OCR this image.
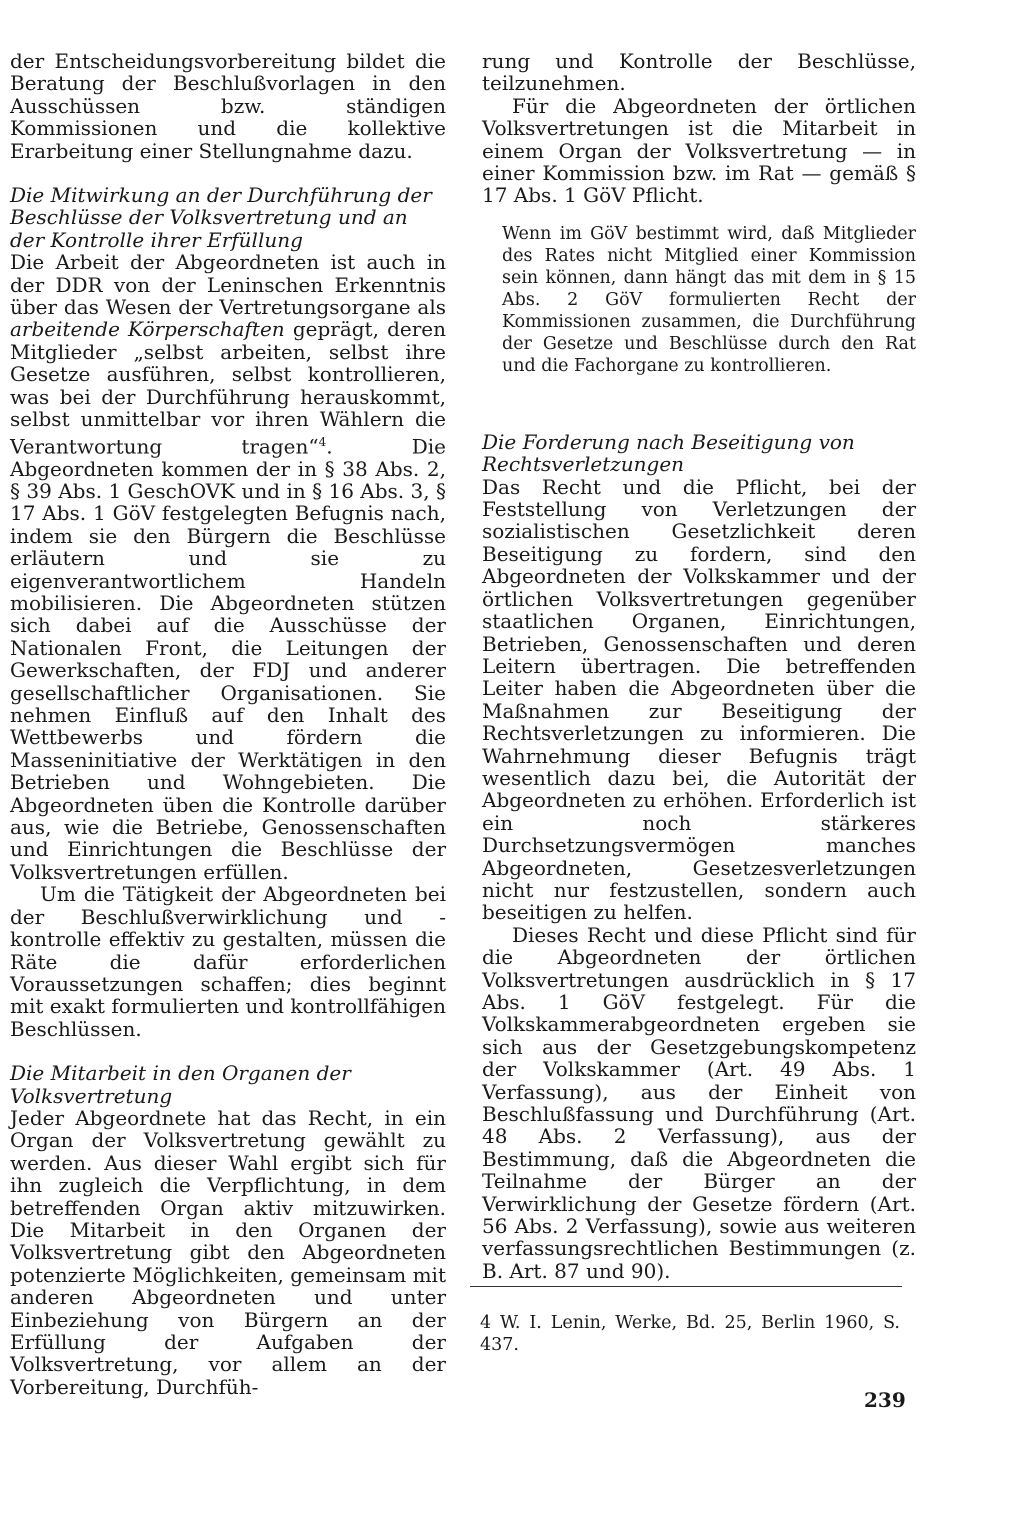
der Entscheidungsvorbereitung bildet die Beratung der Beschlußvorlagen in den Ausschüssen bzw. ständigen Kommissionen und die kollektive Erarbeitung einer Stellungnahme dazu.

Die Mitwirkung an der Durchführung der Beschlüsse der Volksvertretung und an der Kontrolle ihrer Erfüllung

Die Arbeit der Abgeordneten ist auch in der DDR von der Leninschen Erkenntnis über das Wesen der Vertretungsorgane als arbeitende Körperschaften geprägt, deren Mitglieder „selbst arbeiten, selbst ihre Gesetze ausführen, selbst kontrollieren, was bei der Durchführung herauskommt, selbst unmittelbar vor ihren Wählern die Verantwortung tragen“$^4$. Die Abgeordneten kommen der in § 38 Abs. 2, § 39 Abs. 1 GeschOVK und in § 16 Abs. 3, § 17 Abs. 1 GöV festgelegten Befugnis nach, indem sie den Bürgern die Beschlüsse erläutern und sie zu eigenverantwortlichem Handeln mobilisieren. Die Abgeordneten stützen sich dabei auf die Ausschüsse der Nationalen Front, die Leitungen der Gewerkschaften, der FDJ und anderer gesellschaftlicher Organisationen. Sie nehmen Einfluß auf den Inhalt des Wettbewerbs und fördern die Masseninitiative der Werktätigen in den Betrieben und Wohngebieten. Die Abgeordneten üben die Kontrolle darüber aus, wie die Betriebe, Genossenschaften und Einrichtungen die Beschlüsse der Volksvertretungen erfüllen.

Um die Tätigkeit der Abgeordneten bei der Beschlußverwirklichung und -kontrolle effektiv zu gestalten, müssen die Räte die dafür erforderlichen Voraussetzungen schaffen; dies beginnt mit exakt formulierten und kontrollfähigen Beschlüssen.

Die Mitarbeit in den Organen der Volksvertretung

Jeder Abgeordnete hat das Recht, in ein Organ der Volksvertretung gewählt zu werden. Aus dieser Wahl ergibt sich für ihn zugleich die Verpflichtung, in dem betreffenden Organ aktiv mitzuwirken. Die Mitarbeit in den Organen der Volksvertretung gibt den Abgeordneten potenzierte Möglichkeiten, gemeinsam mit anderen Abgeordneten und unter Einbeziehung von Bürgern an der Erfüllung der Aufgaben der Volksvertretung, vor allem an der Vorbereitung, Durchfüh-

rung und Kontrolle der Beschlüsse, teilzunehmen.

Für die Abgeordneten der örtlichen Volksvertretungen ist die Mitarbeit in einem Organ der Volksvertretung — in einer Kommission bzw. im Rat — gemäß § 17 Abs. 1 GöV Pflicht.

Wenn im GöV bestimmt wird, daß Mitglieder des Rates nicht Mitglied einer Kommission sein können, dann hängt das mit dem in § 15 Abs. 2 GöV formulierten Recht der Kommissionen zusammen, die Durchführung der Gesetze und Beschlüsse durch den Rat und die Fachorgane zu kontrollieren.

Die Forderung nach Beseitigung von Rechtsverletzungen

Das Recht und die Pflicht, bei der Feststellung von Verletzungen der sozialistischen Gesetzlichkeit deren Beseitigung zu fordern, sind den Abgeordneten der Volkskammer und der örtlichen Volksvertretungen gegenüber staatlichen Organen, Einrichtungen, Betrieben, Genossenschaften und deren Leitern übertragen. Die betreffenden Leiter haben die Abgeordneten über die Maßnahmen zur Beseitigung der Rechtsverletzungen zu informieren. Die Wahrnehmung dieser Befugnis trägt wesentlich dazu bei, die Autorität der Abgeordneten zu erhöhen. Erforderlich ist ein noch stärkeres Durchsetzungsvermögen manches Abgeordneten, Gesetzesverletzungen nicht nur festzustellen, sondern auch beseitigen zu helfen.

Dieses Recht und diese Pflicht sind für die Abgeordneten der örtlichen Volksvertretungen ausdrücklich in § 17 Abs. 1 GöV festgelegt. Für die Volkskammerabgeordneten ergeben sie sich aus der Gesetzgebungskompetenz der Volkskammer (Art. 49 Abs. 1 Verfassung), aus der Einheit von Beschlußfassung und Durchführung (Art. 48 Abs. 2 Verfassung), aus der Bestimmung, daß die Abgeordneten die Teilnahme der Bürger an der Verwirklichung der Gesetze fördern (Art. 56 Abs. 2 Verfassung), sowie aus weiteren verfassungsrechtlichen Bestimmungen (z. B. Art. 87 und 90).

4 W. I. Lenin, Werke, Bd. 25, Berlin 1960, S. 437.

239
